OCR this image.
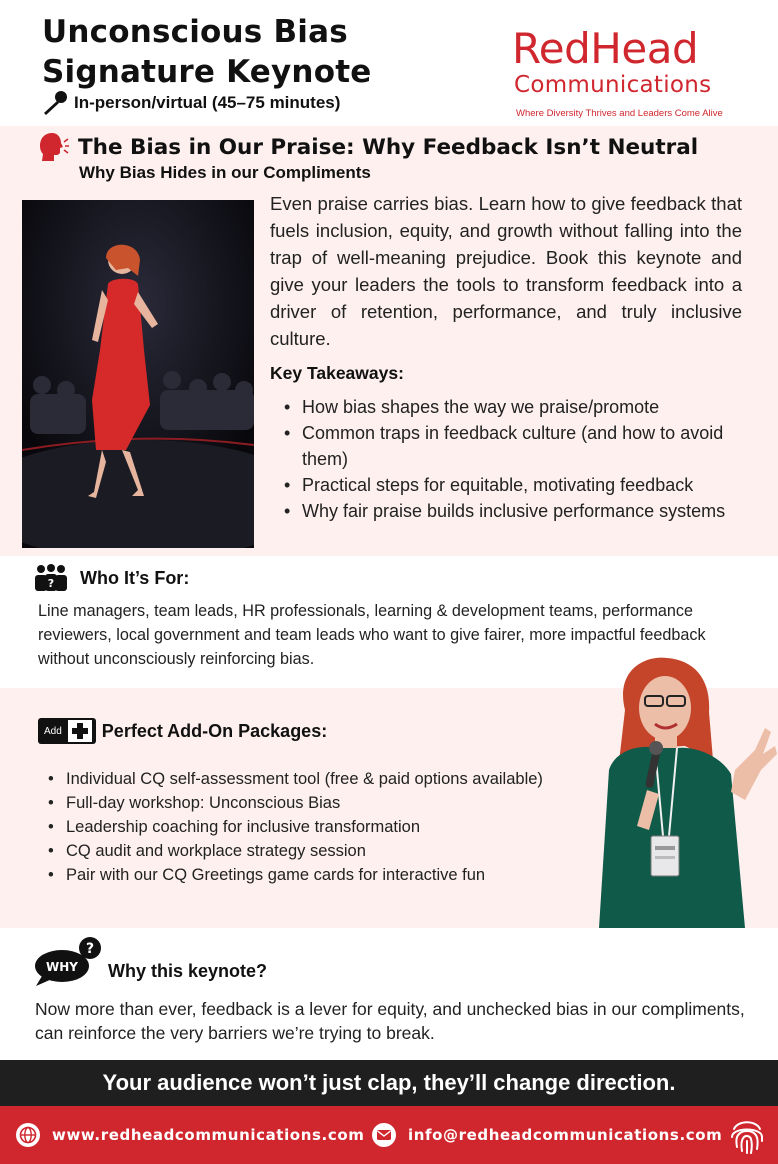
Unconscious Bias
Signature Keynote
In-person/virtual (45–75 minutes)
RedHead
Communications
Where Diversity Thrives and Leaders Come Alive
The Bias in Our Praise: Why Feedback Isn’t Neutral
Why Bias Hides in our Compliments
Even praise carries bias. Learn how to give feedback that fuels inclusion, equity, and growth without falling into the trap of well-meaning prejudice. Book this keynote and give your leaders the tools to transform feedback into a driver of retention, performance, and truly inclusive culture.
Key Takeaways:
• How bias shapes the way we praise/promote
• Common traps in feedback culture (and how to avoid them)
• Practical steps for equitable, motivating feedback
• Why fair praise builds inclusive performance systems
? Who It’s For:
Line managers, team leads, HR professionals, learning & development teams, performance reviewers, local government and team leads who want to give fairer, more impactful feedback without unconsciously reinforcing bias.
Add Perfect Add-On Packages:
• Individual CQ self-assessment tool (free & paid options available)
• Full-day workshop: Unconscious Bias
• Leadership coaching for inclusive transformation
• CQ audit and workplace strategy session
• Pair with our CQ Greetings game cards for interactive fun
?
WHY Why this keynote?
Now more than ever, feedback is a lever for equity, and unchecked bias in our compliments, can reinforce the very barriers we’re trying to break.
Your audience won’t just clap, they’ll change direction.
www.redheadcommunications.com	info@redheadcommunications.com
